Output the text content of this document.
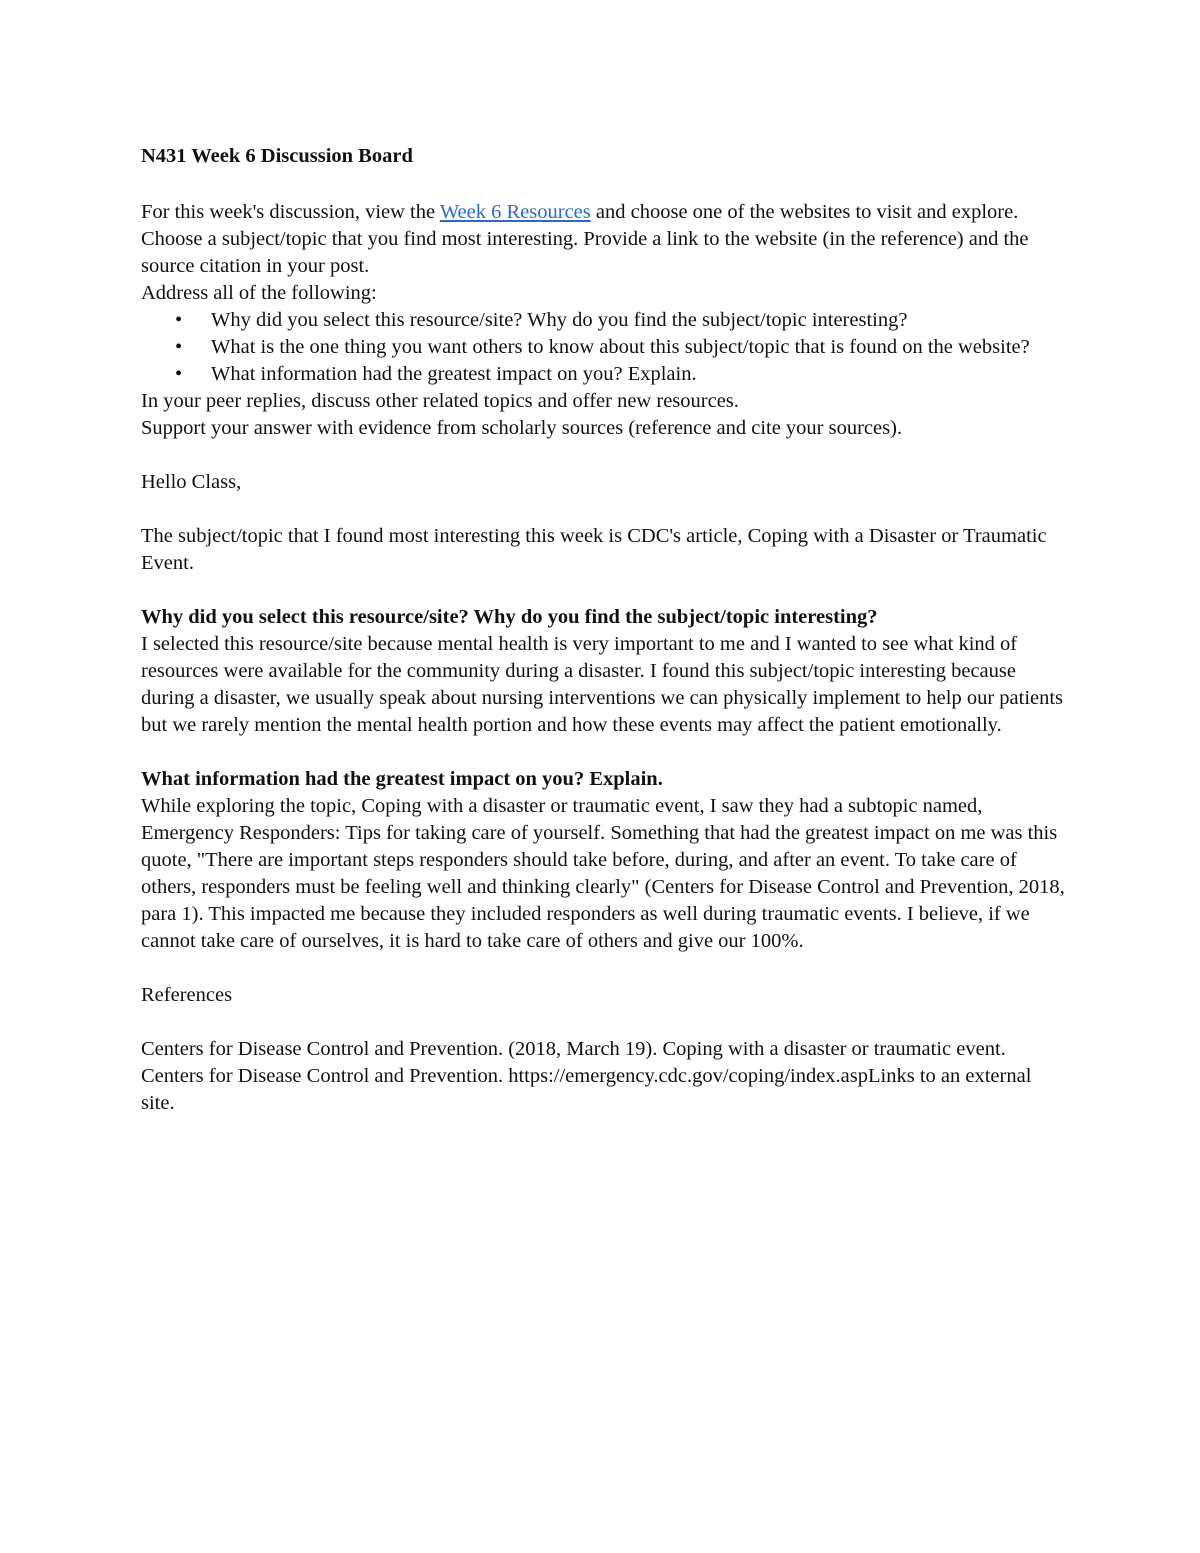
N431 Week 6 Discussion Board

For this week's discussion, view the Week 6 Resources and choose one of the websites to visit and explore. Choose a subject/topic that you find most interesting. Provide a link to the website (in the reference) and the source citation in your post.

Address all of the following:

• Why did you select this resource/site? Why do you find the subject/topic interesting?
• What is the one thing you want others to know about this subject/topic that is found on the website?
• What information had the greatest impact on you? Explain.

In your peer replies, discuss other related topics and offer new resources.

Support your answer with evidence from scholarly sources (reference and cite your sources).

Hello Class,

The subject/topic that I found most interesting this week is CDC's article, Coping with a Disaster or Traumatic Event.

Why did you select this resource/site? Why do you find the subject/topic interesting?

I selected this resource/site because mental health is very important to me and I wanted to see what kind of resources were available for the community during a disaster. I found this subject/topic interesting because during a disaster, we usually speak about nursing interventions we can physically implement to help our patients but we rarely mention the mental health portion and how these events may affect the patient emotionally.

What information had the greatest impact on you? Explain.

While exploring the topic, Coping with a disaster or traumatic event, I saw they had a subtopic named, Emergency Responders: Tips for taking care of yourself. Something that had the greatest impact on me was this quote, "There are important steps responders should take before, during, and after an event. To take care of others, responders must be feeling well and thinking clearly" (Centers for Disease Control and Prevention, 2018, para 1). This impacted me because they included responders as well during traumatic events. I believe, if we cannot take care of ourselves, it is hard to take care of others and give our 100%.

References

Centers for Disease Control and Prevention. (2018, March 19). Coping with a disaster or traumatic event. Centers for Disease Control and Prevention. https://emergency.cdc.gov/coping/index.aspLinks to an external site.
